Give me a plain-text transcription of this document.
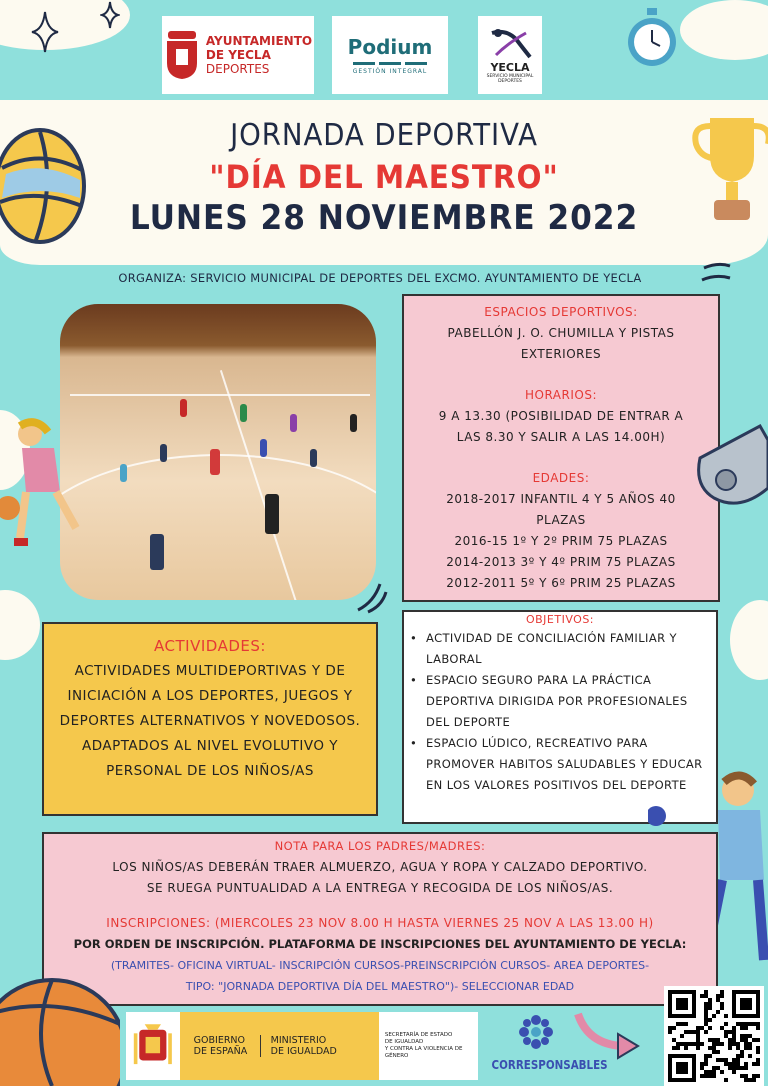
AYUNTAMIENTO
DE YECLA
DEPORTES
Podium
GESTIÓN INTEGRAL	YECLA
SERVICIO MUNICIPAL
DEPORTES
JORNADA DEPORTIVA
"DÍA DEL MAESTRO"
LUNES 28 NOVIEMBRE 2022
ORGANIZA: SERVICIO MUNICIPAL DE DEPORTES DEL EXCMO. AYUNTAMIENTO DE YECLA
ESPACIOS DEPORTIVOS:
PABELLÓN J. O. CHUMILLA Y PISTAS EXTERIORES
HORARIOS:
9 A 13.30 (POSIBILIDAD DE ENTRAR A LAS 8.30 Y SALIR A LAS 14.00H)
EDADES:
2018-2017 INFANTIL 4 Y 5 AÑOS 40 PLAZAS
2016-15 1º Y 2º PRIM 75 PLAZAS
2014-2013 3º Y 4º PRIM 75 PLAZAS
2012-2011 5º Y 6º PRIM 25 PLAZAS
ACTIVIDADES:
ACTIVIDADES MULTIDEPORTIVAS Y DE INICIACIÓN A LOS DEPORTES, JUEGOS Y DEPORTES ALTERNATIVOS Y NOVEDOSOS. ADAPTADOS AL NIVEL EVOLUTIVO Y PERSONAL DE LOS NIÑOS/AS
OBJETIVOS:
• ACTIVIDAD DE CONCILIACIÓN FAMILIAR Y LABORAL
• ESPACIO SEGURO PARA LA PRÁCTICA DEPORTIVA DIRIGIDA POR PROFESIONALES DEL DEPORTE
• ESPACIO LÚDICO, RECREATIVO PARA PROMOVER HABITOS SALUDABLES Y EDUCAR EN LOS VALORES POSITIVOS DEL DEPORTE
NOTA PARA LOS PADRES/MADRES:
LOS NIÑOS/AS DEBERÁN TRAER ALMUERZO, AGUA Y ROPA Y CALZADO DEPORTIVO.
SE RUEGA PUNTUALIDAD A LA ENTREGA Y RECOGIDA DE LOS NIÑOS/AS.
INSCRIPCIONES: (MIERCOLES 23 NOV 8.00 H HASTA VIERNES 25 NOV A LAS 13.00 H)
POR ORDEN DE INSCRIPCIÓN. PLATAFORMA DE INSCRIPCIONES DEL AYUNTAMIENTO DE YECLA:
(TRAMITES- OFICINA VIRTUAL- INSCRIPCIÓN CURSOS-PREINSCRIPCIÓN CURSOS- AREA DEPORTES-
TIPO: "JORNADA DEPORTIVA DÍA DEL MAESTRO")- SELECCIONAR EDAD
GOBIERNO
DE ESPAÑA
MINISTERIO
DE IGUALDAD
SECRETARÍA DE ESTADO
DE IGUALDAD
Y CONTRA LA VIOLENCIA DE GÉNERO
CORRESPONSABLES
